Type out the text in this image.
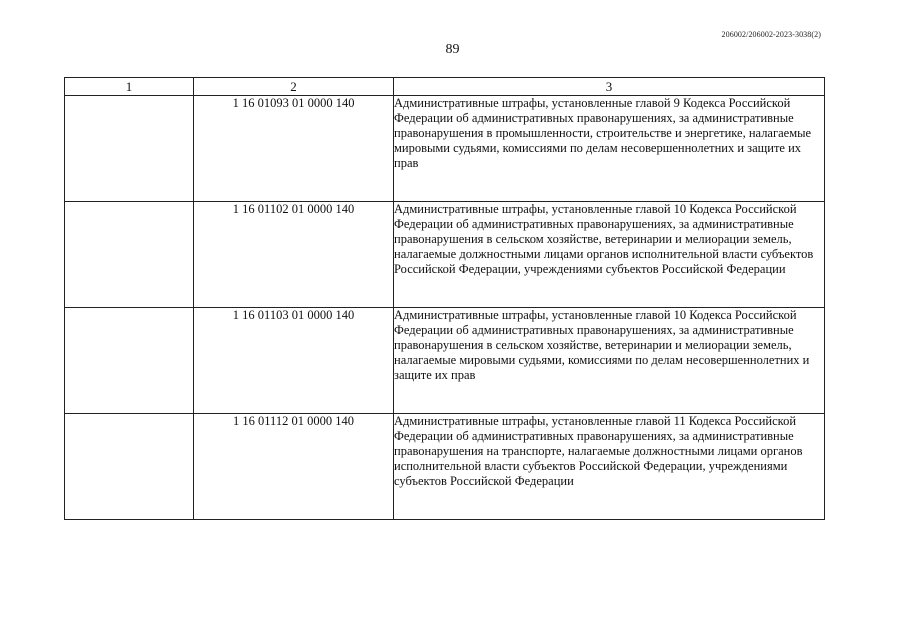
206002/206002-2023-3038(2)
89
1	2	3
	1 16 01093 01 0000 140	Административные штрафы, установленные главой 9 Кодекса Российской Федерации об административных правонарушениях, за административные правонарушения в промышленности, строительстве и энергетике, налагаемые мировыми судьями, комиссиями по делам несовершеннолетних и защите их прав
	1 16 01102 01 0000 140	Административные штрафы, установленные главой 10 Кодекса Российской Федерации об административных правонарушениях, за административные правонарушения в сельском хозяйстве, ветеринарии и мелиорации земель, налагаемые должностными лицами органов исполнительной власти субъектов Российской Федерации, учреждениями субъектов Российской Федерации
	1 16 01103 01 0000 140	Административные штрафы, установленные главой 10 Кодекса Российской Федерации об административных правонарушениях, за административные правонарушения в сельском хозяйстве, ветеринарии и мелиорации земель, налагаемые мировыми судьями, комиссиями по делам несовершеннолетних и защите их прав
	1 16 01112 01 0000 140	Административные штрафы, установленные главой 11 Кодекса Российской Федерации об административных правонарушениях, за административные правонарушения на транспорте, налагаемые должностными лицами органов исполнительной власти субъектов Российской Федерации, учреждениями субъектов Российской Федерации
